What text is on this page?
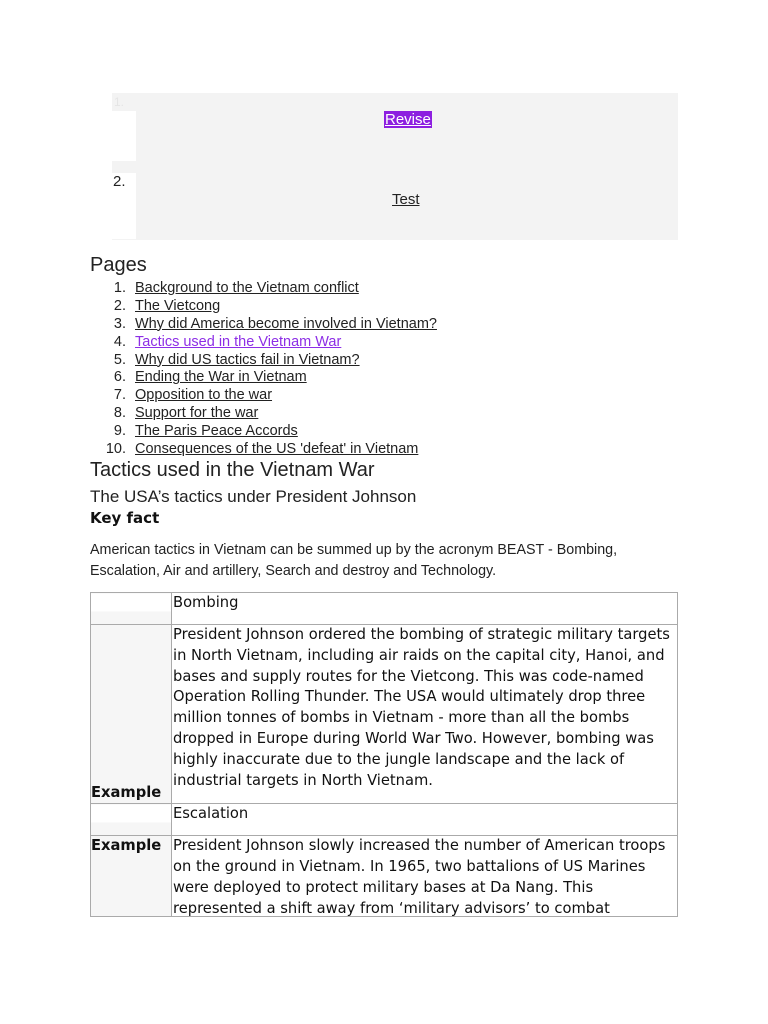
1.
2.
Revise
Test
Pages
1. Background to the Vietnam conflict
2. The Vietcong
3. Why did America become involved in Vietnam?
4. Tactics used in the Vietnam War
5. Why did US tactics fail in Vietnam?
6. Ending the War in Vietnam
7. Opposition to the war
8. Support for the war
9. The Paris Peace Accords
10. Consequences of the US 'defeat' in Vietnam
Tactics used in the Vietnam War
The USA’s tactics under President Johnson
Key fact

American tactics in Vietnam can be summed up by the acronym BEAST - Bombing, Escalation, Air and artillery, Search and destroy and Technology.

	Bombing
Example	President Johnson ordered the bombing of strategic military targets in North Vietnam, including air raids on the capital city, Hanoi, and bases and supply routes for the Vietcong. This was code-named Operation Rolling Thunder. The USA would ultimately drop three million tonnes of bombs in Vietnam - more than all the bombs dropped in Europe during World War Two. However, bombing was highly inaccurate due to the jungle landscape and the lack of industrial targets in North Vietnam.
	Escalation
Example	President Johnson slowly increased the number of American troops on the ground in Vietnam. In 1965, two battalions of US Marines were deployed to protect military bases at Da Nang. This represented a shift away from ‘military advisors’ to combat
